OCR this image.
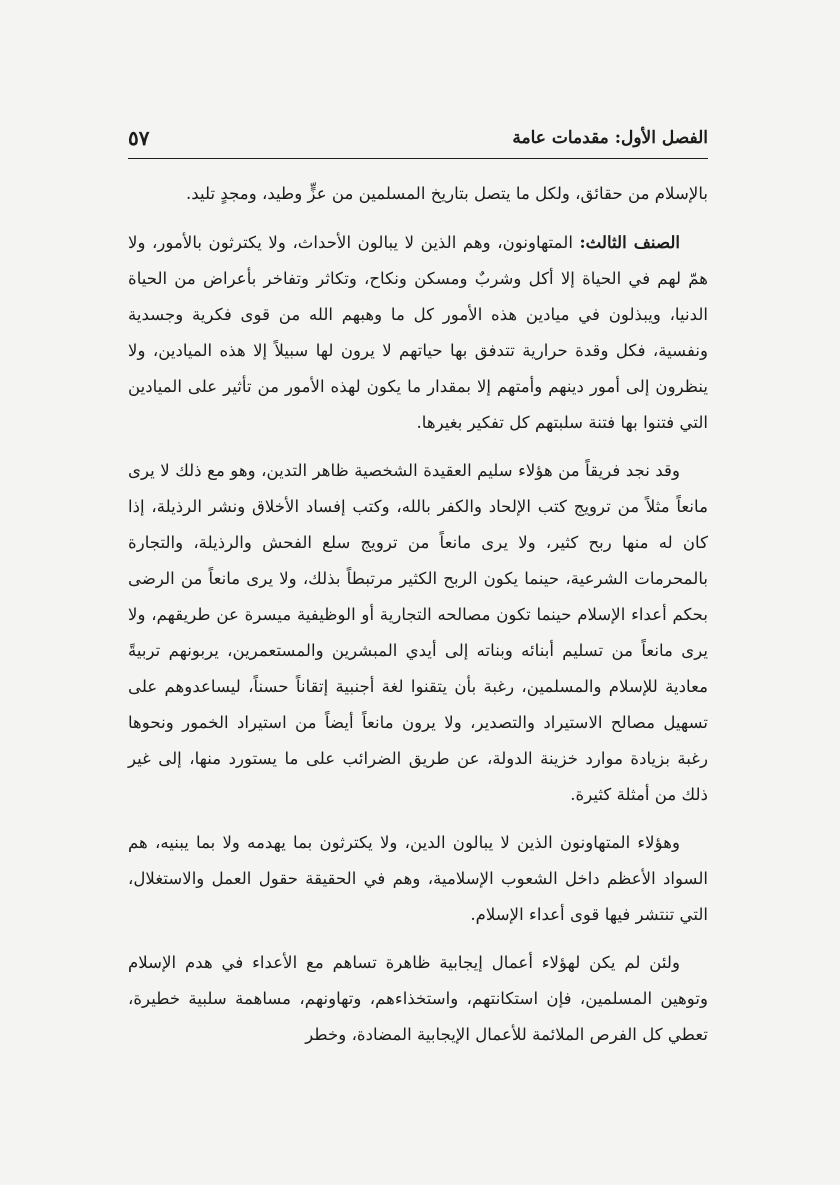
الفصل الأول: مقدمات عامة
٥٧

بالإسلام من حقائق، ولكل ما يتصل بتاريخ المسلمين من عزٍّ وطيد، ومجدٍ تليد.

الصنف الثالث: المتهاونون، وهم الذين لا يبالون الأحداث، ولا يكترثون بالأمور، ولا همّ لهم في الحياة إلا أكل وشربٌ ومسكن ونكاح، وتكاثر وتفاخر بأعراض من الحياة الدنيا، ويبذلون في ميادين هذه الأمور كل ما وهبهم الله من قوى فكرية وجسدية ونفسية، فكل وقدة حرارية تتدفق بها حياتهم لا يرون لها سبيلاً إلا هذه الميادين، ولا ينظرون إلى أمور دينهم وأمتهم إلا بمقدار ما يكون لهذه الأمور من تأثير على الميادين التي فتنوا بها فتنة سلبتهم كل تفكير بغيرها.

وقد نجد فريقاً من هؤلاء سليم العقيدة الشخصية ظاهر التدين، وهو مع ذلك لا يرى مانعاً مثلاً من ترويج كتب الإلحاد والكفر بالله، وكتب إفساد الأخلاق ونشر الرذيلة، إذا كان له منها ربح كثير، ولا يرى مانعاً من ترويج سلع الفحش والرذيلة، والتجارة بالمحرمات الشرعية، حينما يكون الربح الكثير مرتبطاً بذلك، ولا يرى مانعاً من الرضى بحكم أعداء الإسلام حينما تكون مصالحه التجارية أو الوظيفية ميسرة عن طريقهم، ولا يرى مانعاً من تسليم أبنائه وبناته إلى أيدي المبشرين والمستعمرين، يربونهم تربيةً معادية للإسلام والمسلمين، رغبة بأن يتقنوا لغة أجنبية إتقاناً حسناً، ليساعدوهم على تسهيل مصالح الاستيراد والتصدير، ولا يرون مانعاً أيضاً من استيراد الخمور ونحوها رغبة بزيادة موارد خزينة الدولة، عن طريق الضرائب على ما يستورد منها، إلى غير ذلك من أمثلة كثيرة.

وهؤلاء المتهاونون الذين لا يبالون الدين، ولا يكترثون بما يهدمه ولا بما يبنيه، هم السواد الأعظم داخل الشعوب الإسلامية، وهم في الحقيقة حقول العمل والاستغلال، التي تنتشر فيها قوى أعداء الإسلام.

ولئن لم يكن لهؤلاء أعمال إيجابية ظاهرة تساهم مع الأعداء في هدم الإسلام وتوهين المسلمين، فإن استكانتهم، واستخذاءهم، وتهاونهم، مساهمة سلبية خطيرة، تعطي كل الفرص الملائمة للأعمال الإيجابية المضادة، وخطر
